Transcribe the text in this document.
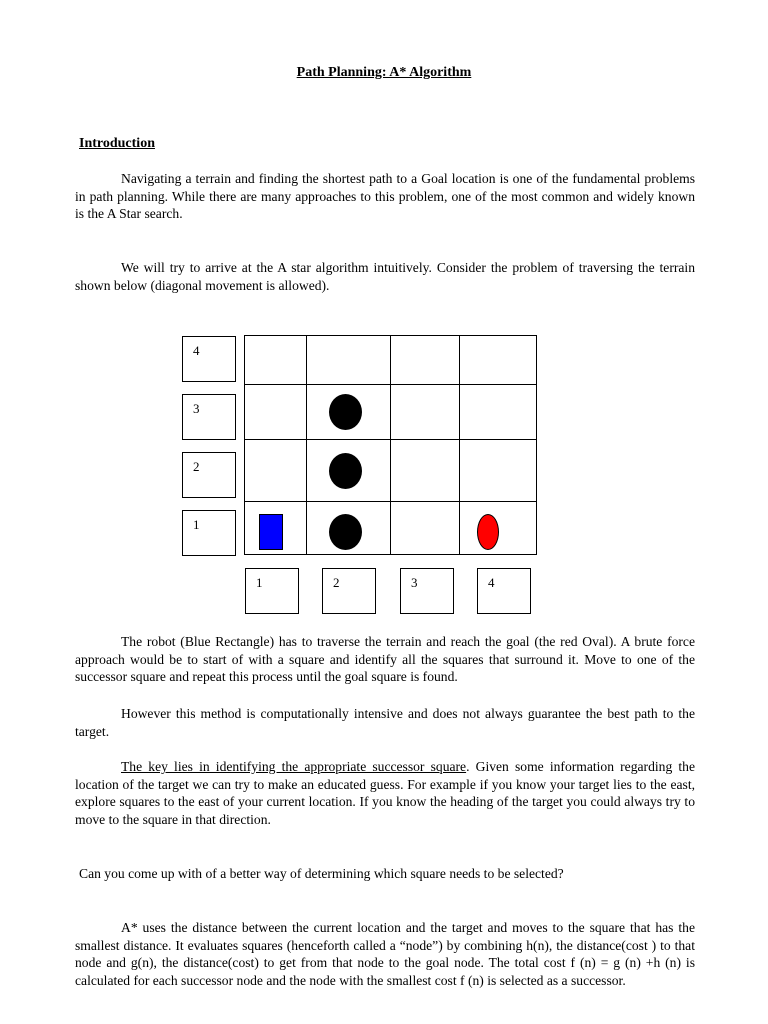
Path Planning: A* Algorithm
Introduction

Navigating a terrain and finding the shortest path to a Goal location is one of the fundamental problems in path planning. While there are many approaches to this problem, one of the most common and widely known is the A Star search.

We will try to arrive at the A star algorithm intuitively. Consider the problem of traversing the terrain shown below (diagonal movement is allowed).

4
3
2
1

1	2	3	4

The robot (Blue Rectangle) has to traverse the terrain and reach the goal (the red Oval). A brute force approach would be to start of with a square and identify all the squares that surround it. Move to one of the successor square and repeat this process until the goal square is found.

However this method is computationally intensive and does not always guarantee the best path to the target.

The key lies in identifying the appropriate successor square. Given some information regarding the location of the target we can try to make an educated guess. For example if you know your target lies to the east, explore squares to the east of your current location. If you know the heading of the target you could always try to move to the square in that direction.

Can you come up with of a better way of determining which square needs to be selected?

A* uses the distance between the current location and the target and moves to the square that has the smallest distance. It evaluates squares (henceforth called a “node”) by combining h(n), the distance(cost ) to that node and g(n), the distance(cost) to get from that node to the goal node. The total cost f (n) = g (n) +h (n) is calculated for each successor node and the node with the smallest cost f (n) is selected as a successor.
